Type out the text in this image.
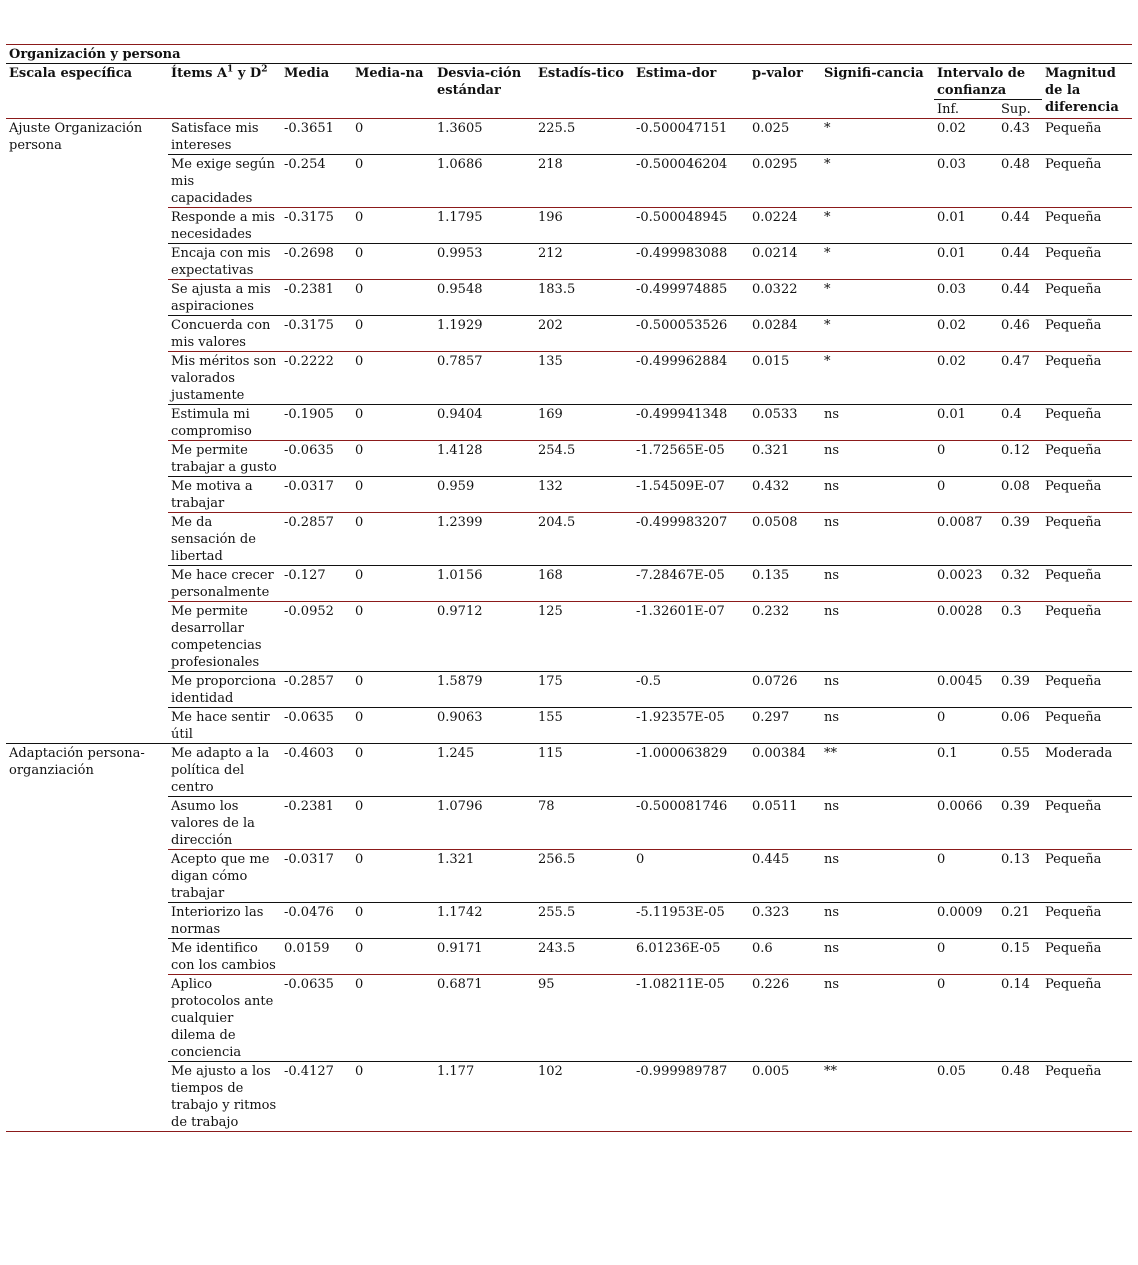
Organización y persona											
Escala específica	Ítems $A^1$ y $D^2$	Media	Media-na	Desvia-ción estándar	Estadís-tico	Estima-dor	p-valor	Signifi-cancia	Intervalo de confianza		Magnitud de la diferencia
									Inf.	Sup.	
Ajuste Organización persona	Satisface mis intereses	-0.3651	0	1.3605	225.5	-0.500047151	0.025	*	0.02	0.43	Pequeña
	Me exige según mis capacidades	-0.254	0	1.0686	218	-0.500046204	0.0295	*	0.03	0.48	Pequeña
	Responde a mis necesidades	-0.3175	0	1.1795	196	-0.500048945	0.0224	*	0.01	0.44	Pequeña
	Encaja con mis expectativas	-0.2698	0	0.9953	212	-0.499983088	0.0214	*	0.01	0.44	Pequeña
	Se ajusta a mis aspiraciones	-0.2381	0	0.9548	183.5	-0.499974885	0.0322	*	0.03	0.44	Pequeña
	Concuerda con mis valores	-0.3175	0	1.1929	202	-0.500053526	0.0284	*	0.02	0.46	Pequeña
	Mis méritos son valorados justamente	-0.2222	0	0.7857	135	-0.499962884	0.015	*	0.02	0.47	Pequeña
	Estimula mi compromiso	-0.1905	0	0.9404	169	-0.499941348	0.0533	ns	0.01	0.4	Pequeña
	Me permite trabajar a gusto	-0.0635	0	1.4128	254.5	-1.72565E-05	0.321	ns	0	0.12	Pequeña
	Me motiva a trabajar	-0.0317	0	0.959	132	-1.54509E-07	0.432	ns	0	0.08	Pequeña
	Me da sensación de libertad	-0.2857	0	1.2399	204.5	-0.499983207	0.0508	ns	0.0087	0.39	Pequeña
	Me hace crecer personalmente	-0.127	0	1.0156	168	-7.28467E-05	0.135	ns	0.0023	0.32	Pequeña
	Me permite desarrollar competencias profesionales	-0.0952	0	0.9712	125	-1.32601E-07	0.232	ns	0.0028	0.3	Pequeña
	Me proporciona identidad	-0.2857	0	1.5879	175	-0.5	0.0726	ns	0.0045	0.39	Pequeña
	Me hace sentir útil	-0.0635	0	0.9063	155	-1.92357E-05	0.297	ns	0	0.06	Pequeña
Adaptación persona-organziación	Me adapto a la política del centro	-0.4603	0	1.245	115	-1.000063829	0.00384	**	0.1	0.55	Moderada
	Asumo los valores de la dirección	-0.2381	0	1.0796	78	-0.500081746	0.0511	ns	0.0066	0.39	Pequeña
	Acepto que me digan cómo trabajar	-0.0317	0	1.321	256.5	0	0.445	ns	0	0.13	Pequeña
	Interiorizo las normas	-0.0476	0	1.1742	255.5	-5.11953E-05	0.323	ns	0.0009	0.21	Pequeña
	Me identifico con los cambios	0.0159	0	0.9171	243.5	6.01236E-05	0.6	ns	0	0.15	Pequeña
	Aplico protocolos ante cualquier dilema de conciencia	-0.0635	0	0.6871	95	-1.08211E-05	0.226	ns	0	0.14	Pequeña
	Me ajusto a los tiempos de trabajo y ritmos de trabajo	-0.4127	0	1.177	102	-0.999989787	0.005	**	0.05	0.48	Pequeña
